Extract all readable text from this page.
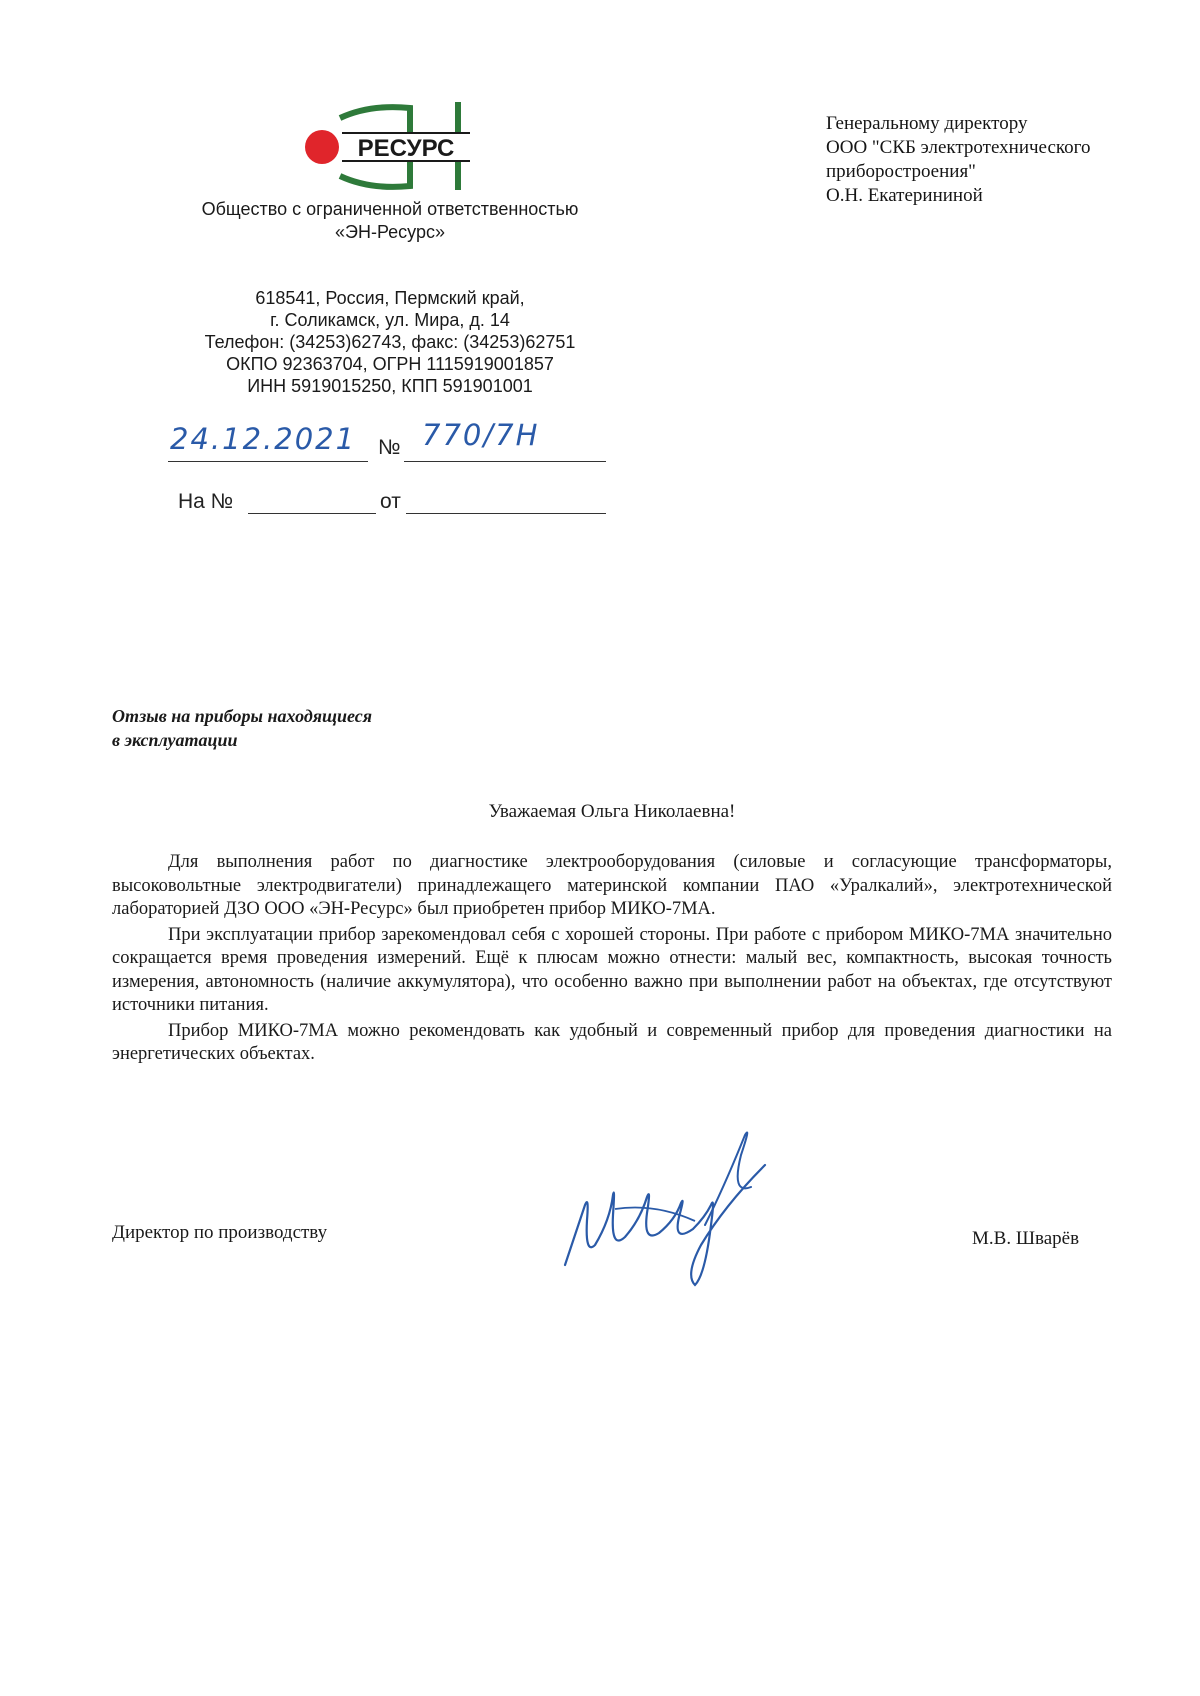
РЕСУРС
Общество с ограниченной ответственностью
«ЭН-Ресурс»
618541, Россия, Пермский край,
г. Соликамск, ул. Мира, д. 14
Телефон: (34253)62743, факс: (34253)62751
ОКПО 92363704, ОГРН 1115919001857
ИНН 5919015250, КПП 591901001
24.12.2021 № 770/7Н
На №	от
Генеральному директору
ООО "СКБ электротехнического
приборостроения"
О.Н. Екатерининой
Отзыв на приборы находящиеся
в эксплуатации
Уважаемая Ольга Николаевна!

Для выполнения работ по диагностике электрооборудования (силовые и согласующие трансформаторы, высоковольтные электродвигатели) принадлежащего материнской компании ПАО «Уралкалий», электротехнической лабораторией ДЗО ООО «ЭН-Ресурс» был приобретен прибор МИКО-7МА.

При эксплуатации прибор зарекомендовал себя с хорошей стороны. При работе с прибором МИКО-7МА значительно сокращается время проведения измерений. Ещё к плюсам можно отнести: малый вес, компактность, высокая точность измерения, автономность (наличие аккумулятора), что особенно важно при выполнении работ на объектах, где отсутствуют источники питания.

Прибор МИКО-7МА можно рекомендовать как удобный и современный прибор для проведения диагностики на энергетических объектах.

Директор по производству	М.В. Шварёв
